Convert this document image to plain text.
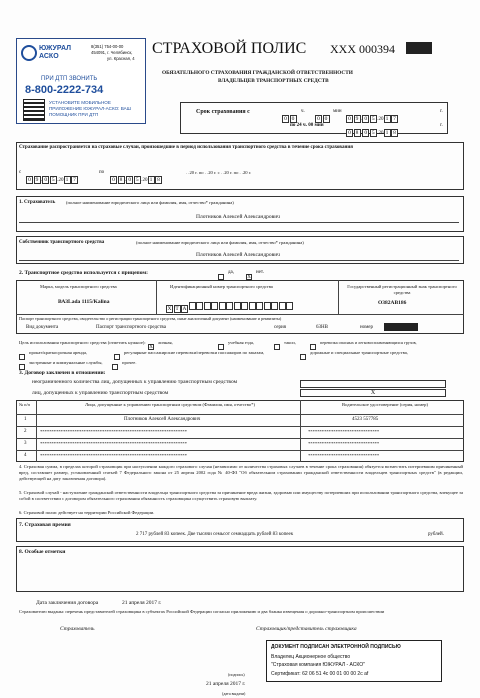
ЮЖУРАЛ АСКО
8(351) 754-00-00
454091, г. Челябинск,
ул. Красная, 4
ПРИ ДТП ЗВОНИТЬ
8-800-2222-734
УСТАНОВИТЕ МОБИЛЬНОЕ ПРИЛОЖЕНИЕ ЮЖУРАЛ-АСКО: ВАШ ПОМОЩНИК ПРИ ДТП
СТРАХОВОЙ ПОЛИС ХХХ 000394
ОБЯЗАТЕЛЬНОГО СТРАХОВАНИЯ ГРАЖДАНСКОЙ ОТВЕТСТВЕННОСТИ
ВЛАДЕЛЬЦЕВ ТРАНСПОРТНЫХ СРЕДСТВ
Срок страхования с
0 0
ч.
0 0
мин
0 9 0 5 .20 1 7
г.
по 24 ч. 00 мин
0 8 0 5 .20 1 8
г.
Страхование распространяется на страховые случаи, произошедшие в период использования транспортного средства в течение срока страхования
с
0 9 0 5 .20 1 7
по
0 8 0 5 .20 1 8
. .20 г. по . .20 г. с . .20 г. по . .20 г.
1. Страхователь (полное наименование юридического лица или фамилия, имя, отчество* гражданина)
Плотников Алексей Александрович
Собственник транспортного средства	(полное наименование юридического лица или фамилия, имя, отчество* гражданина)
Плотников Алексей Александрович
2. Транспортное средство используется с прицепом:	да,
X
нет.
Марка, модель транспортного средства	Идентификационный номер транспортного средства	Государственный регистрационный знак транспортного средства
ВАЗLada 1115/Kalina
X T A
O382AB186
Паспорт транспортного средства, свидетельство о регистрации транспортного средства, иные аналогичный документ (наименование и реквизиты)
Вид документа	Паспорт транспортного средства	серия	63НВ	номер
Цель использования транспортного средства (отметить нужное):
X
личная,	учебная езда,	такси,	перевозка опасных и легковоспламеняющихся грузов,
прокат/краткосрочная аренда,	регулярные пассажирские перевозки/перевозки пассажиров по заказам,	дорожные и специальные транспортные средства,
экстренные и коммунальные службы,	прочее.
3. Договор заключен в отношении:
неограниченного количества лиц, допущенных к управлению транспортным средством
лиц, допущенных к управлению транспортным средством	X
№ п/п	Лица, допущенные к управлению транспортным средством (Фамилия, имя, отчество*)	Водительское удостоверение (серия, номер)
1	Плотников Алексей Александрович	4523 557785
2	****************************************************************	*******************************
3	****************************************************************	*******************************
4	****************************************************************	*******************************
4. Страховая сумма, в пределах которой страховщик при наступлении каждого страхового случая (независимо от количества страховых случаев в течение срока страхования) обязуется возместить потерпевшим причиненный вред, составляет размер, установленный статьей 7 Федерального закона от 25 апреля 2002 года № 40-ФЗ "Об обязательном страховании гражданской ответственности владельцев транспортных средств" (в редакции, действующей на дату заключения договора).
5. Страховой случай - наступление гражданской ответственности владельца транспортного средства за причинение вреда жизни, здоровью или имуществу потерпевших при использовании транспортного средства, влекущее за собой в соответствии с договором обязательного страхования обязанность страховщика осуществить страховую выплату.
6. Страховой полис действует на территории Российской Федерации.
7. Страховая премия
2 717 рублей 83 копеек. Две тысячи семьсот семнадцать рублей 83 копеек	рублей.
8. Особые отметки
Дата заключения договора	21 апреля 2017 г.
Страхователю выданы: перечень представителей страховщика в субъектах Российской Федерации согласно приложению и два бланка извещения о дорожно-транспортном происшествии
Страхователь	Страховщик/представитель страховщика
(подпись)
21 апреля 2017 г.
(дата выдачи)
ДОКУМЕНТ ПОДПИСАН ЭЛЕКТРОННОЙ ПОДПИСЬЮ
Владелец Акционерное общество
"Страховая компания ЮЖУРАЛ - АСКО"
Сертификат: 62 06 51 4c 00 01 00 00 2c af
